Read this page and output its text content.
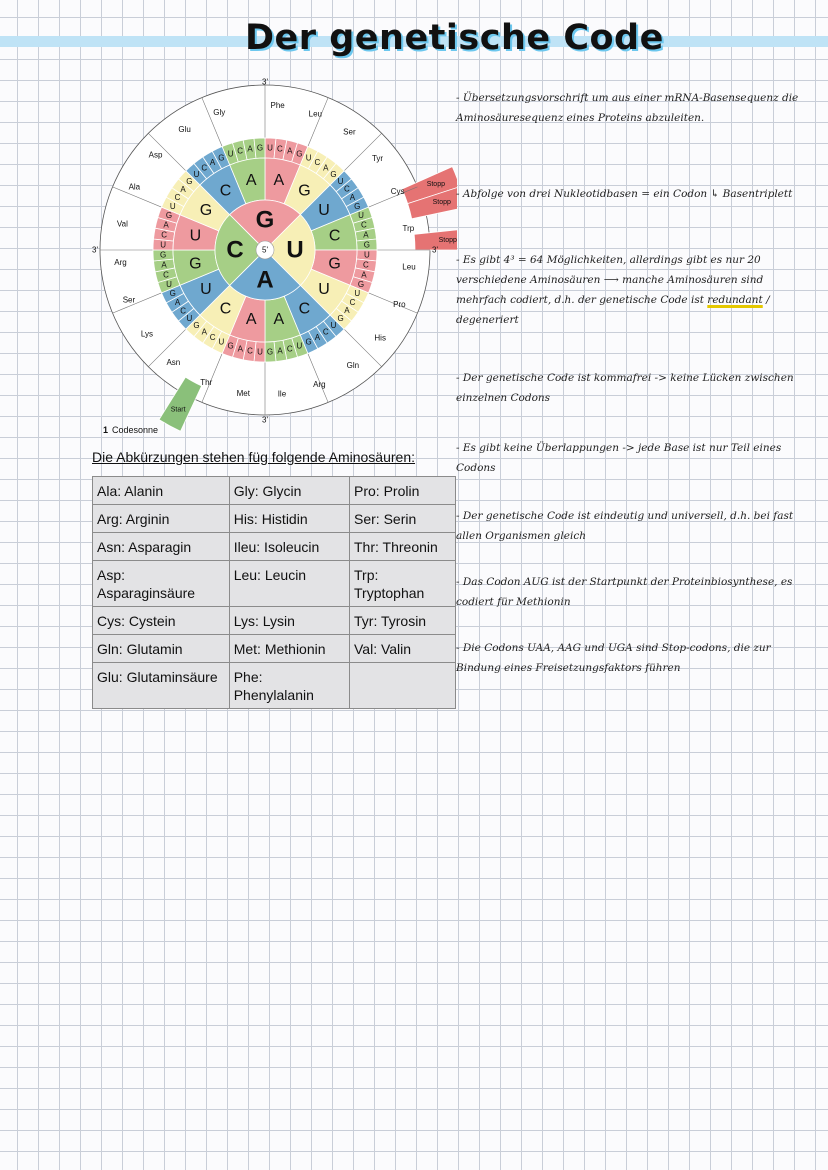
Der genetische Code
Stopp
Stopp
Stopp
Start
U C A G U
C
A
G
U
C
A
G
U
C
A
G
U
C
A
G
U
C
A
G
U
C
A
G
U
C
A
G
U
C
A
G
U
C
A
G
U
C
A
G
U
C
A
G
U
C
A
G
U
C
A
G
U
C
A
G U C A G
A
G
U
C
G
U
C
A
A
C
U
G
U
G
C
A
G
U
A
C 5'
Phe
Leu
Ser
Tyr
Cys
Trp
Leu
Pro
His
Gln
Arg
Ile
Met
Thr
Asn
Lys
Ser
Arg
Val
Ala
Asp
Glu
Gly
3'
3'
3'
3'
1 Codesonne
Die Abkürzungen stehen füg folgende Aminosäuren:
Ala: Alanin	Gly: Glycin	Pro: Prolin
Arg: Arginin	His: Histidin	Ser: Serin
Asn: Asparagin	Ileu: Isoleucin	Thr: Threonin
Asp: Asparaginsäure	Leu: Leucin	Trp: Tryptophan
Cys: Cystein	Lys: Lysin	Tyr: Tyrosin
Gln: Glutamin	Met: Methionin	Val: Valin
Glu: Glutaminsäure	Phe: Phenylalanin	
- Übersetzungsvorschrift um aus einer mRNA-Basensequenz die Aminosäuresequenz eines Proteins abzuleiten.
- Abfolge von drei Nukleotidbasen = ein Codon ↳ Basentriplett
- Es gibt 4³ = 64 Möglichkeiten, allerdings gibt es nur 20 verschiedene Aminosäuren ⟶ manche Aminosäuren sind mehrfach codiert, d.h. der genetische Code ist redundant / degeneriert
- Der genetische Code ist kommafrei -> keine Lücken zwischen einzelnen Codons
- Es gibt keine Überlappungen -> jede Base ist nur Teil eines Codons
- Der genetische Code ist eindeutig und universell, d.h. bei fast allen Organismen gleich
- Das Codon AUG ist der Startpunkt der Proteinbiosynthese, es codiert für Methionin
- Die Codons UAA, AAG und UGA sind Stop-codons, die zur Bindung eines Freisetzungsfaktors führen
